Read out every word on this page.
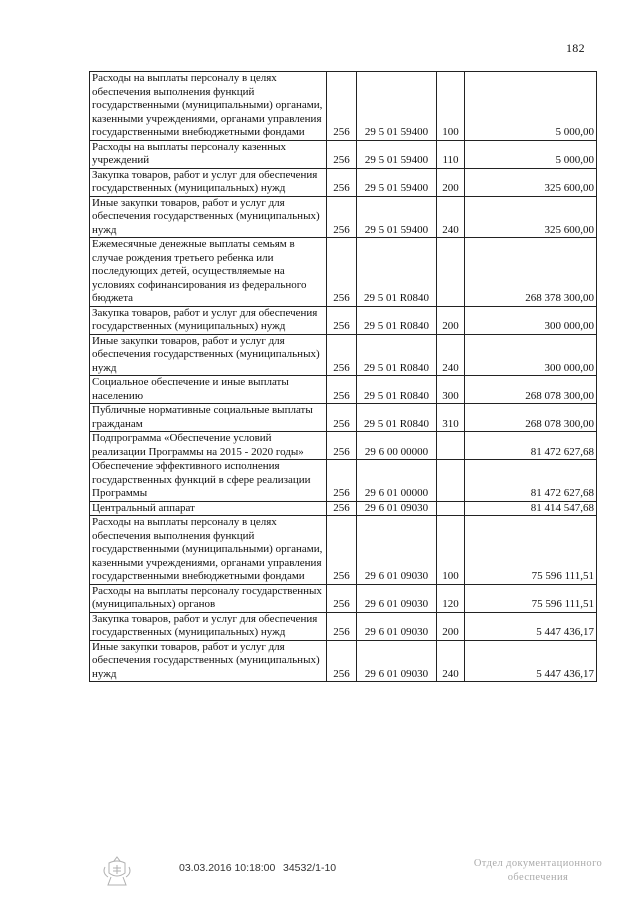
182
Расходы на выплаты персоналу в целях обеспечения выполнения функций государственными (муниципальными) органами, казенными учреждениями, органами управления государственными внебюджетными фондами	256	29 5 01 59400	100	5 000,00
Расходы на выплаты персоналу казенных учреждений	256	29 5 01 59400	110	5 000,00
Закупка товаров, работ и услуг для обеспечения государственных (муниципальных) нужд	256	29 5 01 59400	200	325 600,00
Иные закупки товаров, работ и услуг для обеспечения государственных (муниципальных) нужд	256	29 5 01 59400	240	325 600,00
Ежемесячные денежные выплаты семьям в случае рождения третьего ребенка или последующих детей, осуществляемые на условиях софинансирования из федерального бюджета	256	29 5 01 R0840		268 378 300,00
Закупка товаров, работ и услуг для обеспечения государственных (муниципальных) нужд	256	29 5 01 R0840	200	300 000,00
Иные закупки товаров, работ и услуг для обеспечения государственных (муниципальных) нужд	256	29 5 01 R0840	240	300 000,00
Социальное обеспечение и иные выплаты населению	256	29 5 01 R0840	300	268 078 300,00
Публичные нормативные социальные выплаты гражданам	256	29 5 01 R0840	310	268 078 300,00
Подпрограмма «Обеспечение условий реализации Программы на 2015 - 2020 годы»	256	29 6 00 00000		81 472 627,68
Обеспечение эффективного исполнения государственных функций в сфере реализации Программы	256	29 6 01 00000		81 472 627,68
Центральный аппарат	256	29 6 01 09030		81 414 547,68
Расходы на выплаты персоналу в целях обеспечения выполнения функций государственными (муниципальными) органами, казенными учреждениями, органами управления государственными внебюджетными фондами	256	29 6 01 09030	100	75 596 111,51
Расходы на выплаты персоналу государственных (муниципальных) органов	256	29 6 01 09030	120	75 596 111,51
Закупка товаров, работ и услуг для обеспечения государственных (муниципальных) нужд	256	29 6 01 09030	200	5 447 436,17
Иные закупки товаров, работ и услуг для обеспечения государственных (муниципальных) нужд	256	29 6 01 09030	240	5 447 436,17
03.03.2016 10:18:00 34532/1-10	Отдел документационного обеспечения
